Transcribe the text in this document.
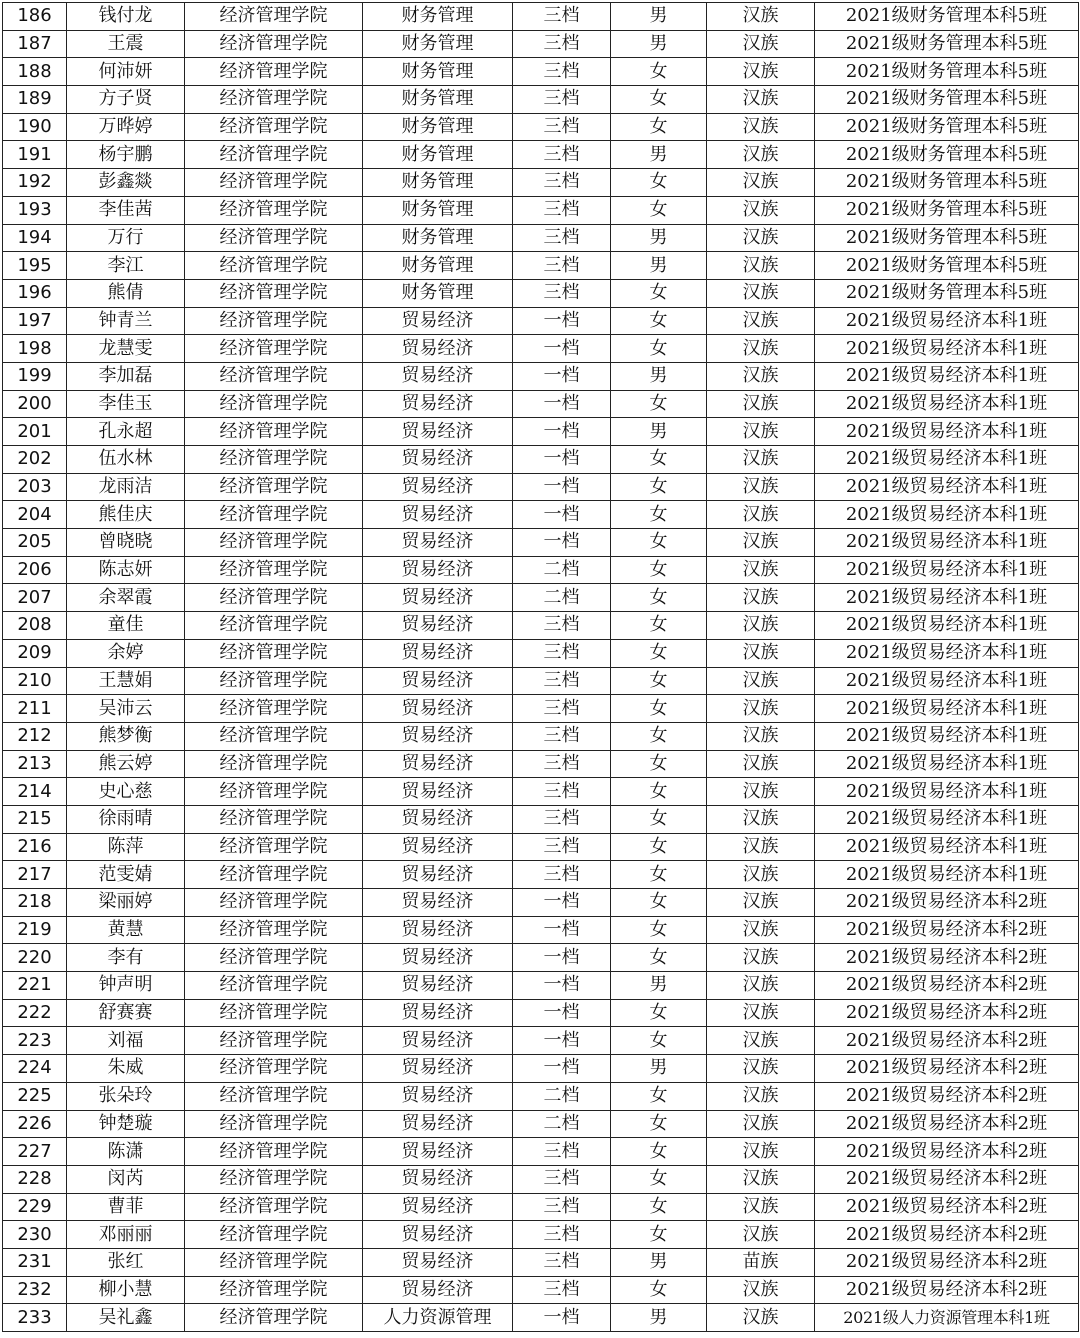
186	钱付龙	经济管理学院	财务管理	三档	男	汉族	2021级财务管理本科5班
187	王震	经济管理学院	财务管理	三档	男	汉族	2021级财务管理本科5班
188	何沛妍	经济管理学院	财务管理	三档	女	汉族	2021级财务管理本科5班
189	方子贤	经济管理学院	财务管理	三档	女	汉族	2021级财务管理本科5班
190	万晔婷	经济管理学院	财务管理	三档	女	汉族	2021级财务管理本科5班
191	杨宇鹏	经济管理学院	财务管理	三档	男	汉族	2021级财务管理本科5班
192	彭鑫燚	经济管理学院	财务管理	三档	女	汉族	2021级财务管理本科5班
193	李佳茜	经济管理学院	财务管理	三档	女	汉族	2021级财务管理本科5班
194	万行	经济管理学院	财务管理	三档	男	汉族	2021级财务管理本科5班
195	李江	经济管理学院	财务管理	三档	男	汉族	2021级财务管理本科5班
196	熊倩	经济管理学院	财务管理	三档	女	汉族	2021级财务管理本科5班
197	钟青兰	经济管理学院	贸易经济	一档	女	汉族	2021级贸易经济本科1班
198	龙慧雯	经济管理学院	贸易经济	一档	女	汉族	2021级贸易经济本科1班
199	李加磊	经济管理学院	贸易经济	一档	男	汉族	2021级贸易经济本科1班
200	李佳玉	经济管理学院	贸易经济	一档	女	汉族	2021级贸易经济本科1班
201	孔永超	经济管理学院	贸易经济	一档	男	汉族	2021级贸易经济本科1班
202	伍水林	经济管理学院	贸易经济	一档	女	汉族	2021级贸易经济本科1班
203	龙雨洁	经济管理学院	贸易经济	一档	女	汉族	2021级贸易经济本科1班
204	熊佳庆	经济管理学院	贸易经济	一档	女	汉族	2021级贸易经济本科1班
205	曾晓晓	经济管理学院	贸易经济	一档	女	汉族	2021级贸易经济本科1班
206	陈志妍	经济管理学院	贸易经济	二档	女	汉族	2021级贸易经济本科1班
207	余翠霞	经济管理学院	贸易经济	二档	女	汉族	2021级贸易经济本科1班
208	童佳	经济管理学院	贸易经济	三档	女	汉族	2021级贸易经济本科1班
209	余婷	经济管理学院	贸易经济	三档	女	汉族	2021级贸易经济本科1班
210	王慧娟	经济管理学院	贸易经济	三档	女	汉族	2021级贸易经济本科1班
211	吴沛云	经济管理学院	贸易经济	三档	女	汉族	2021级贸易经济本科1班
212	熊梦衡	经济管理学院	贸易经济	三档	女	汉族	2021级贸易经济本科1班
213	熊云婷	经济管理学院	贸易经济	三档	女	汉族	2021级贸易经济本科1班
214	史心慈	经济管理学院	贸易经济	三档	女	汉族	2021级贸易经济本科1班
215	徐雨晴	经济管理学院	贸易经济	三档	女	汉族	2021级贸易经济本科1班
216	陈萍	经济管理学院	贸易经济	三档	女	汉族	2021级贸易经济本科1班
217	范雯婧	经济管理学院	贸易经济	三档	女	汉族	2021级贸易经济本科1班
218	梁丽婷	经济管理学院	贸易经济	一档	女	汉族	2021级贸易经济本科2班
219	黄慧	经济管理学院	贸易经济	一档	女	汉族	2021级贸易经济本科2班
220	李有	经济管理学院	贸易经济	一档	女	汉族	2021级贸易经济本科2班
221	钟声明	经济管理学院	贸易经济	一档	男	汉族	2021级贸易经济本科2班
222	舒赛赛	经济管理学院	贸易经济	一档	女	汉族	2021级贸易经济本科2班
223	刘福	经济管理学院	贸易经济	一档	女	汉族	2021级贸易经济本科2班
224	朱威	经济管理学院	贸易经济	一档	男	汉族	2021级贸易经济本科2班
225	张朵玲	经济管理学院	贸易经济	二档	女	汉族	2021级贸易经济本科2班
226	钟楚璇	经济管理学院	贸易经济	二档	女	汉族	2021级贸易经济本科2班
227	陈潇	经济管理学院	贸易经济	三档	女	汉族	2021级贸易经济本科2班
228	闵芮	经济管理学院	贸易经济	三档	女	汉族	2021级贸易经济本科2班
229	曹菲	经济管理学院	贸易经济	三档	女	汉族	2021级贸易经济本科2班
230	邓丽丽	经济管理学院	贸易经济	三档	女	汉族	2021级贸易经济本科2班
231	张红	经济管理学院	贸易经济	三档	男	苗族	2021级贸易经济本科2班
232	柳小慧	经济管理学院	贸易经济	三档	女	汉族	2021级贸易经济本科2班
233	吴礼鑫	经济管理学院	人力资源管理	一档	男	汉族	2021级人力资源管理本科1班
